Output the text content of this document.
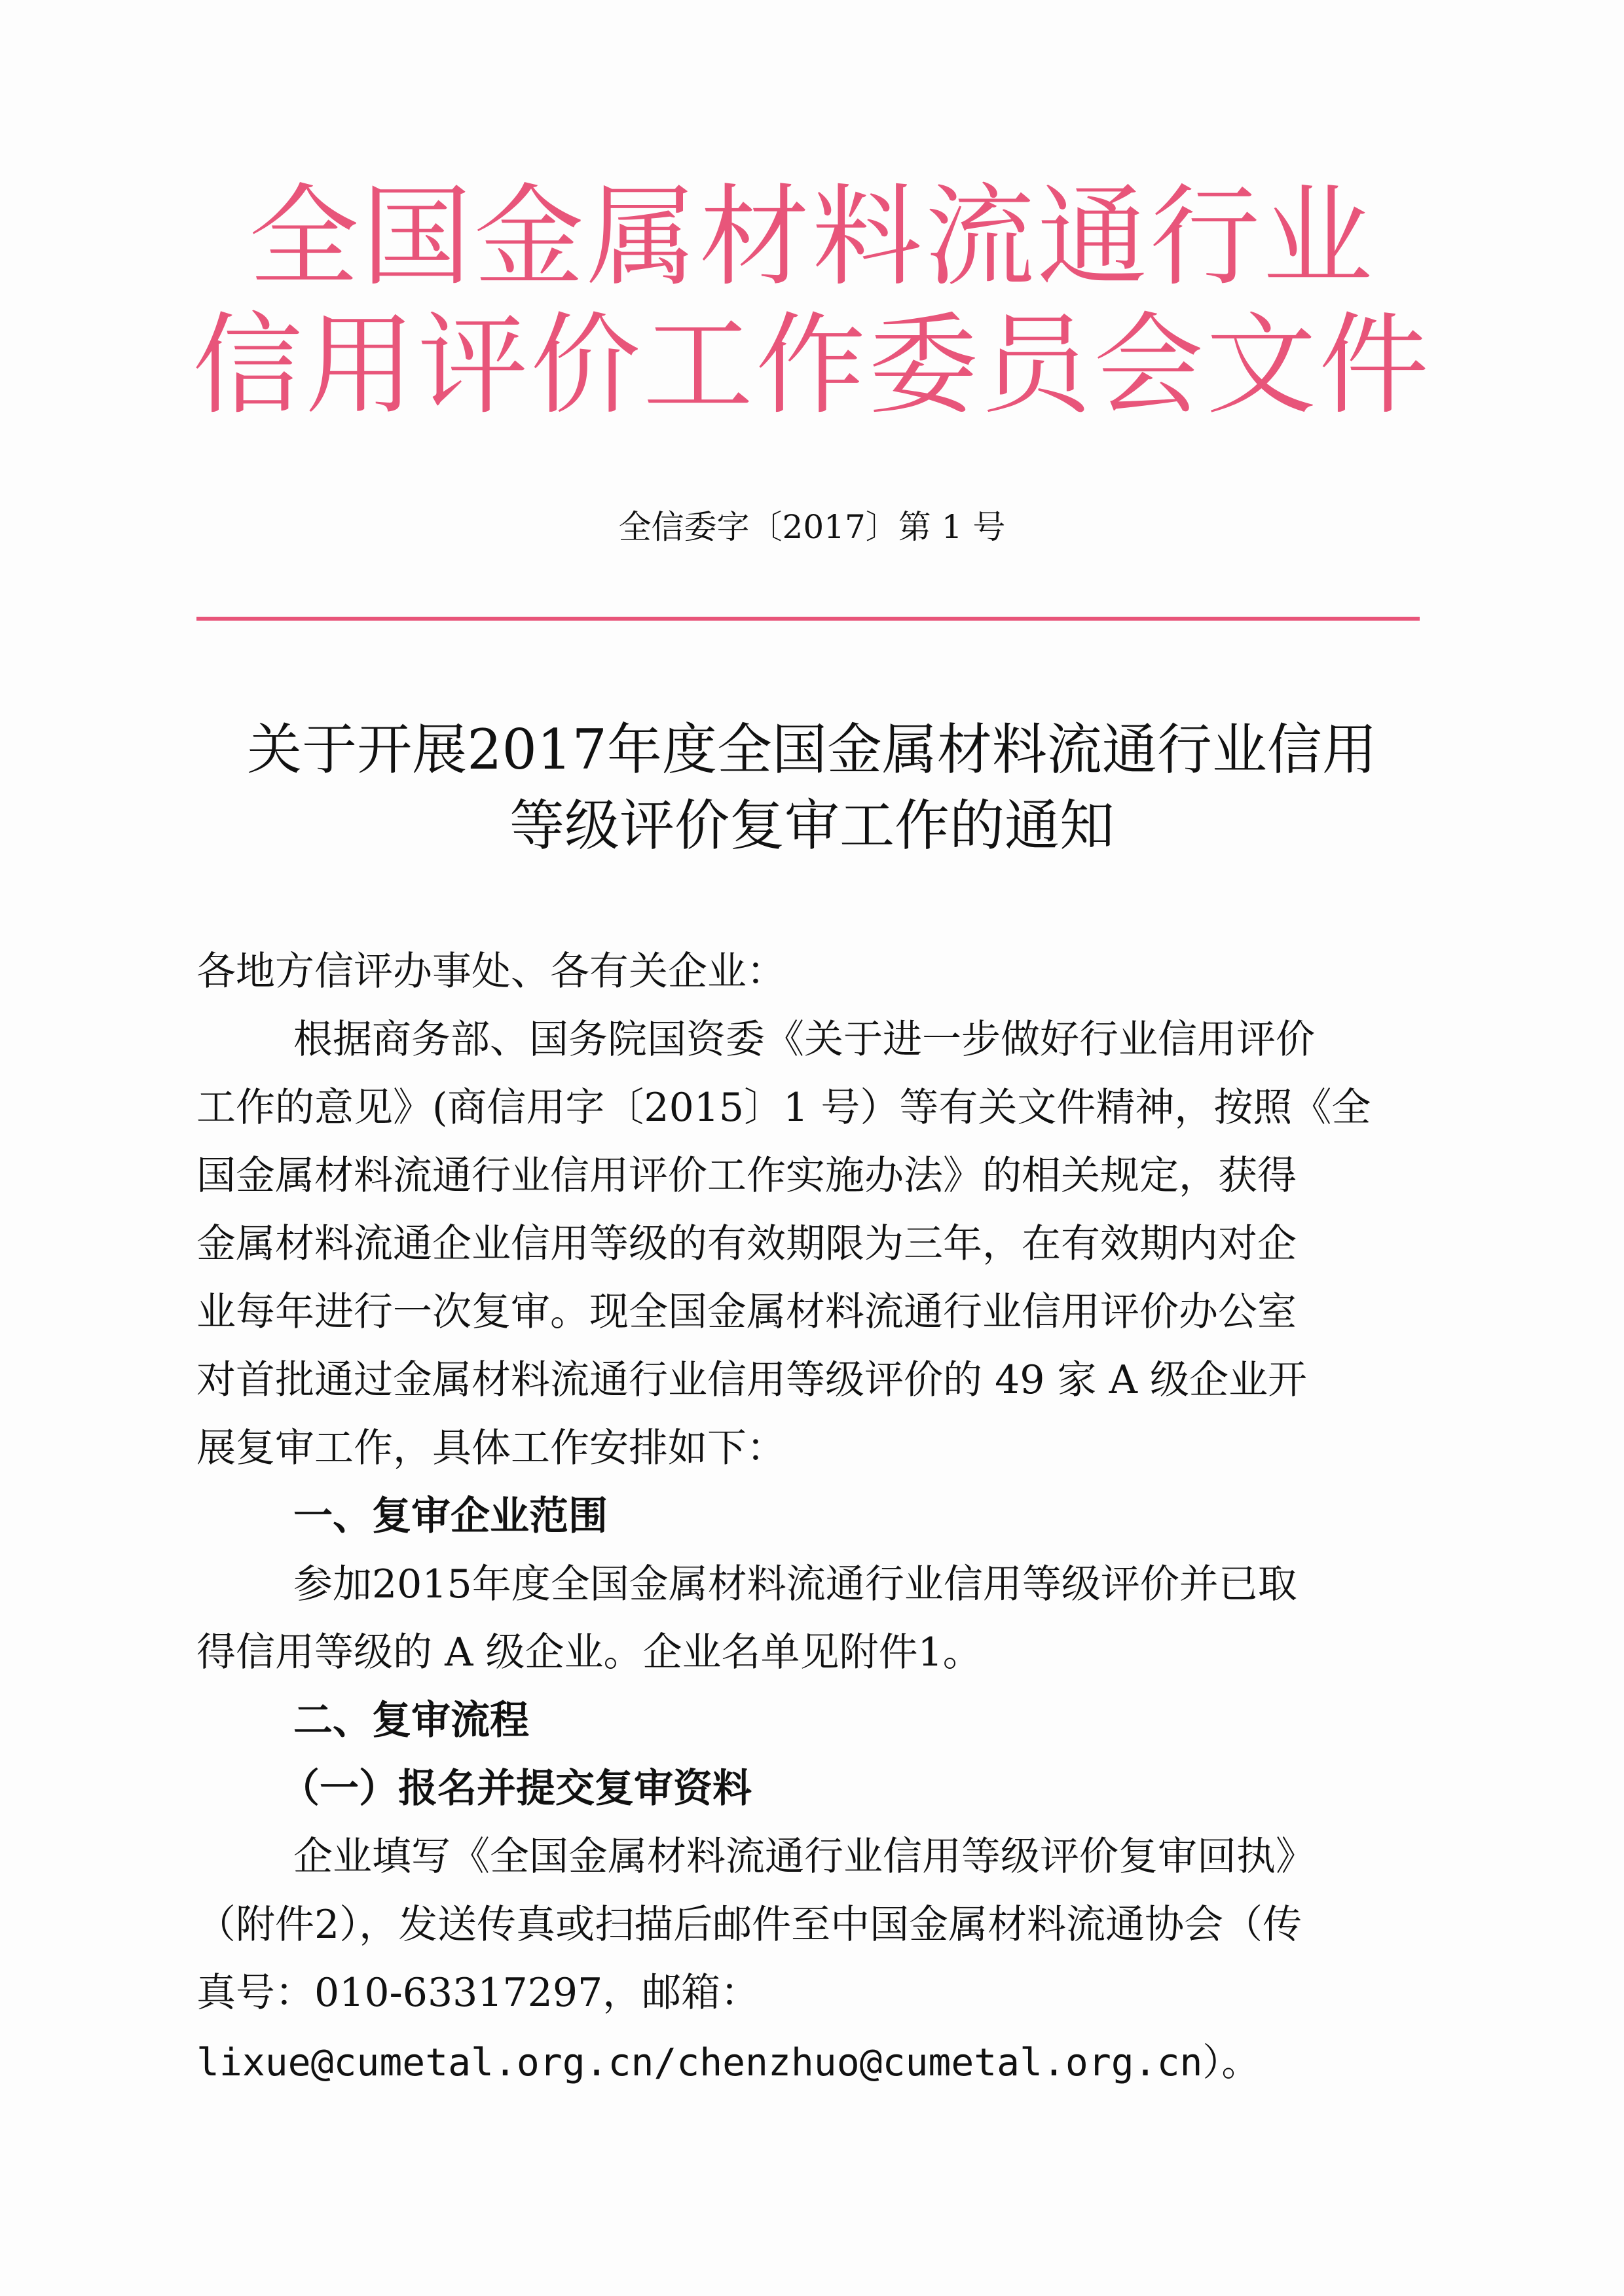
全国金属材料流通行业
信用评价工作委员会文件
全信委字〔2017〕第 1 号
关于开展2017年度全国金属材料流通行业信用
等级评价复审工作的通知
各地方信评办事处、各有关企业：
根据商务部、国务院国资委《关于进一步做好行业信用评价
工作的意见》(商信用字〔2015〕1 号）等有关文件精神，按照《全
国金属材料流通行业信用评价工作实施办法》的相关规定，获得
金属材料流通企业信用等级的有效期限为三年，在有效期内对企
业每年进行一次复审。现全国金属材料流通行业信用评价办公室
对首批通过金属材料流通行业信用等级评价的 49 家 A 级企业开
展复审工作，具体工作安排如下：
一、复审企业范围
参加2015年度全国金属材料流通行业信用等级评价并已取
得信用等级的 A 级企业。企业名单见附件1。
二、复审流程
（一）报名并提交复审资料
企业填写《全国金属材料流通行业信用等级评价复审回执》
（附件2），发送传真或扫描后邮件至中国金属材料流通协会（传
真号：010-63317297，邮箱：
lixue@cumetal.org.cn/chenzhuo@cumetal.org.cn）。
